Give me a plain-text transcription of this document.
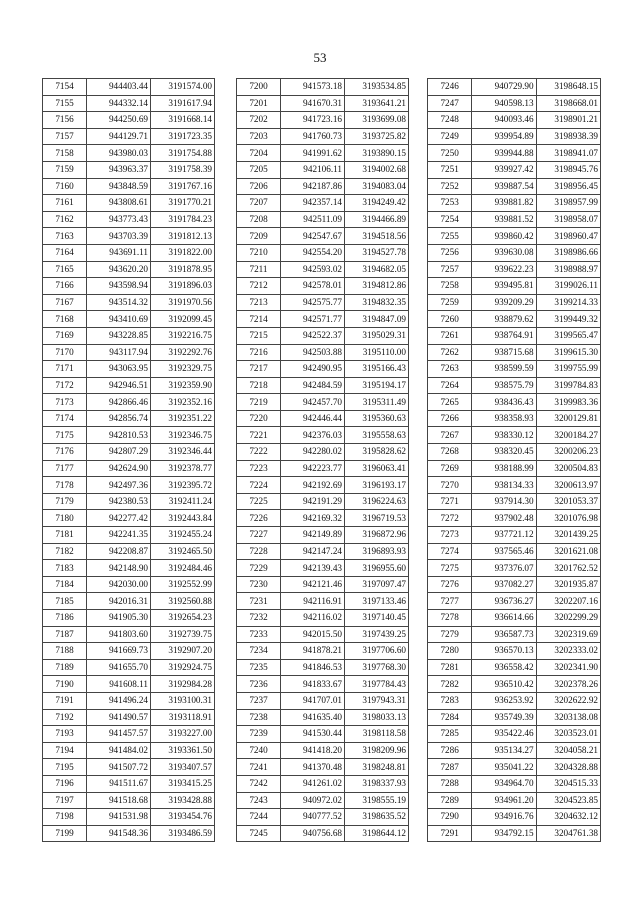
53
7154	944403.44	3191574.00
7155	944332.14	3191617.94
7156	944250.69	3191668.14
7157	944129.71	3191723.35
7158	943980.03	3191754.88
7159	943963.37	3191758.39
7160	943848.59	3191767.16
7161	943808.61	3191770.21
7162	943773.43	3191784.23
7163	943703.39	3191812.13
7164	943691.11	3191822.00
7165	943620.20	3191878.95
7166	943598.94	3191896.03
7167	943514.32	3191970.56
7168	943410.69	3192099.45
7169	943228.85	3192216.75
7170	943117.94	3192292.76
7171	943063.95	3192329.75
7172	942946.51	3192359.90
7173	942866.46	3192352.16
7174	942856.74	3192351.22
7175	942810.53	3192346.75
7176	942807.29	3192346.44
7177	942624.90	3192378.77
7178	942497.36	3192395.72
7179	942380.53	3192411.24
7180	942277.42	3192443.84
7181	942241.35	3192455.24
7182	942208.87	3192465.50
7183	942148.90	3192484.46
7184	942030.00	3192552.99
7185	942016.31	3192560.88
7186	941905.30	3192654.23
7187	941803.60	3192739.75
7188	941669.73	3192907.20
7189	941655.70	3192924.75
7190	941608.11	3192984.28
7191	941496.24	3193100.31
7192	941490.57	3193118.91
7193	941457.57	3193227.00
7194	941484.02	3193361.50
7195	941507.72	3193407.57
7196	941511.67	3193415.25
7197	941518.68	3193428.88
7198	941531.98	3193454.76
7199	941548.36	3193486.59
7200	941573.18	3193534.85
7201	941670.31	3193641.21
7202	941723.16	3193699.08
7203	941760.73	3193725.82
7204	941991.62	3193890.15
7205	942106.11	3194002.68
7206	942187.86	3194083.04
7207	942357.14	3194249.42
7208	942511.09	3194466.89
7209	942547.67	3194518.56
7210	942554.20	3194527.78
7211	942593.02	3194682.05
7212	942578.01	3194812.86
7213	942575.77	3194832.35
7214	942571.77	3194847.09
7215	942522.37	3195029.31
7216	942503.88	3195110.00
7217	942490.95	3195166.43
7218	942484.59	3195194.17
7219	942457.70	3195311.49
7220	942446.44	3195360.63
7221	942376.03	3195558.63
7222	942280.02	3195828.62
7223	942223.77	3196063.41
7224	942192.69	3196193.17
7225	942191.29	3196224.63
7226	942169.32	3196719.53
7227	942149.89	3196872.96
7228	942147.24	3196893.93
7229	942139.43	3196955.60
7230	942121.46	3197097.47
7231	942116.91	3197133.46
7232	942116.02	3197140.45
7233	942015.50	3197439.25
7234	941878.21	3197706.60
7235	941846.53	3197768.30
7236	941833.67	3197784.43
7237	941707.01	3197943.31
7238	941635.40	3198033.13
7239	941530.44	3198118.58
7240	941418.20	3198209.96
7241	941370.48	3198248.81
7242	941261.02	3198337.93
7243	940972.02	3198555.19
7244	940777.52	3198635.52
7245	940756.68	3198644.12
7246	940729.90	3198648.15
7247	940598.13	3198668.01
7248	940093.46	3198901.21
7249	939954.89	3198938.39
7250	939944.88	3198941.07
7251	939927.42	3198945.76
7252	939887.54	3198956.45
7253	939881.82	3198957.99
7254	939881.52	3198958.07
7255	939860.42	3198960.47
7256	939630.08	3198986.66
7257	939622.23	3198988.97
7258	939495.81	3199026.11
7259	939209.29	3199214.33
7260	938879.62	3199449.32
7261	938764.91	3199565.47
7262	938715.68	3199615.30
7263	938599.59	3199755.99
7264	938575.79	3199784.83
7265	938436.43	3199983.36
7266	938358.93	3200129.81
7267	938330.12	3200184.27
7268	938320.45	3200206.23
7269	938188.99	3200504.83
7270	938134.33	3200613.97
7271	937914.30	3201053.37
7272	937902.48	3201076.98
7273	937721.12	3201439.25
7274	937565.46	3201621.08
7275	937376.07	3201762.52
7276	937082.27	3201935.87
7277	936736.27	3202207.16
7278	936614.66	3202299.29
7279	936587.73	3202319.69
7280	936570.13	3202333.02
7281	936558.42	3202341.90
7282	936510.42	3202378.26
7283	936253.92	3202622.92
7284	935749.39	3203138.08
7285	935422.46	3203523.01
7286	935134.27	3204058.21
7287	935041.22	3204328.88
7288	934964.70	3204515.33
7289	934961.20	3204523.85
7290	934916.76	3204632.12
7291	934792.15	3204761.38
